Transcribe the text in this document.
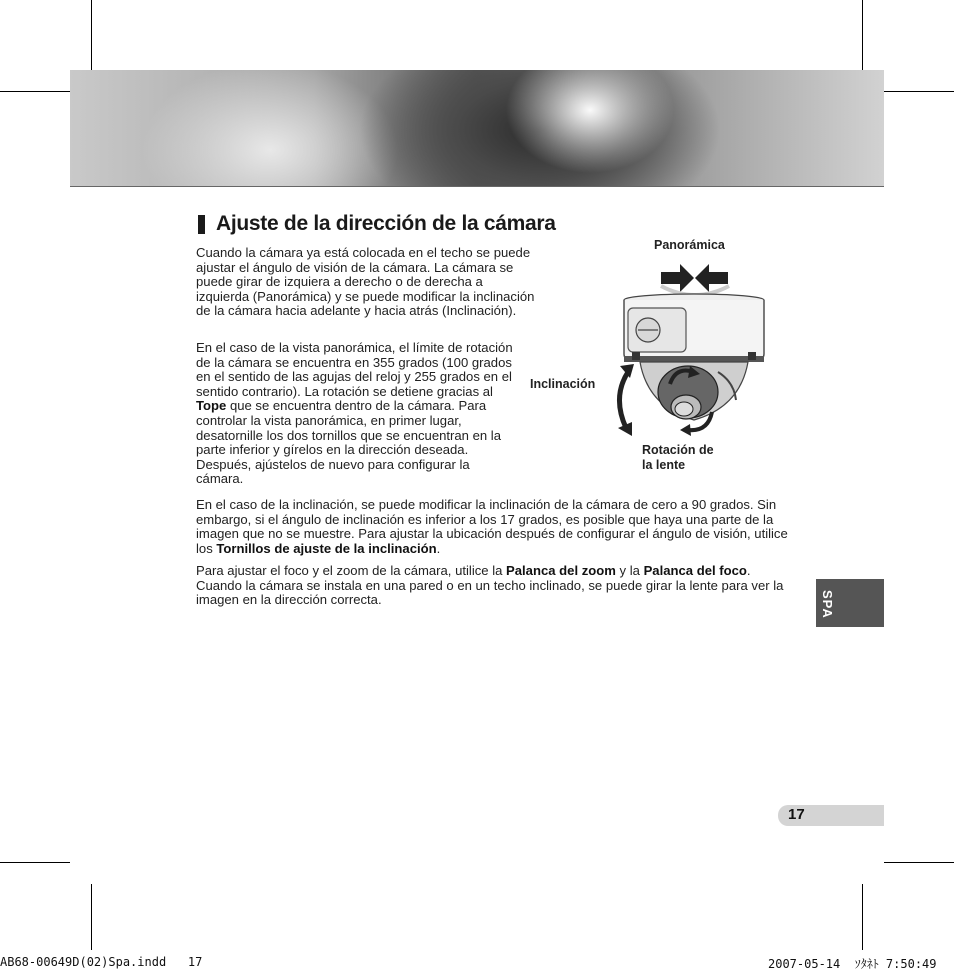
Ajuste de la dirección de la cámara

Cuando la cámara ya está colocada en el techo se puede ajustar el ángulo de visión de la cámara. La cámara se puede girar de izquiera a derecho o de derecha a izquierda (Panorámica) y se puede modificar la inclinación de la cámara hacia adelante y hacia atrás (Inclinación).

En el caso de la vista panorámica, el límite de rotación de la cámara se encuentra en 355 grados (100 grados en el sentido de las agujas del reloj y 255 grados en el sentido contrario). La rotación se detiene gracias al Tope que se encuentra dentro de la cámara. Para controlar la vista panorámica, en primer lugar, desatornille los dos tornillos que se encuentran en la parte inferior y gírelos en la dirección deseada. Después, ajústelos de nuevo para configurar la cámara.

En el caso de la inclinación, se puede modificar la inclinación de la cámara de cero a 90 grados. Sin embargo, si el ángulo de inclinación es inferior a los 17 grados, es posible que haya una parte de la imagen que no se muestre. Para ajustar la ubicación después de configurar el ángulo de visión, utilice los Tornillos de ajuste de la inclinación.

Para ajustar el foco y el zoom de la cámara, utilice la Palanca del zoom y la Palanca del foco. Cuando la cámara se instala en una pared o en un techo inclinado, se puede girar la lente para ver la imagen en la dirección correcta.

Panorámica
Inclinación
Rotación de
la lente
SPA
17
AB68-00649D(02)Spa.indd   17	2007-05-14  ｿﾀﾈﾄ 7:50:49
